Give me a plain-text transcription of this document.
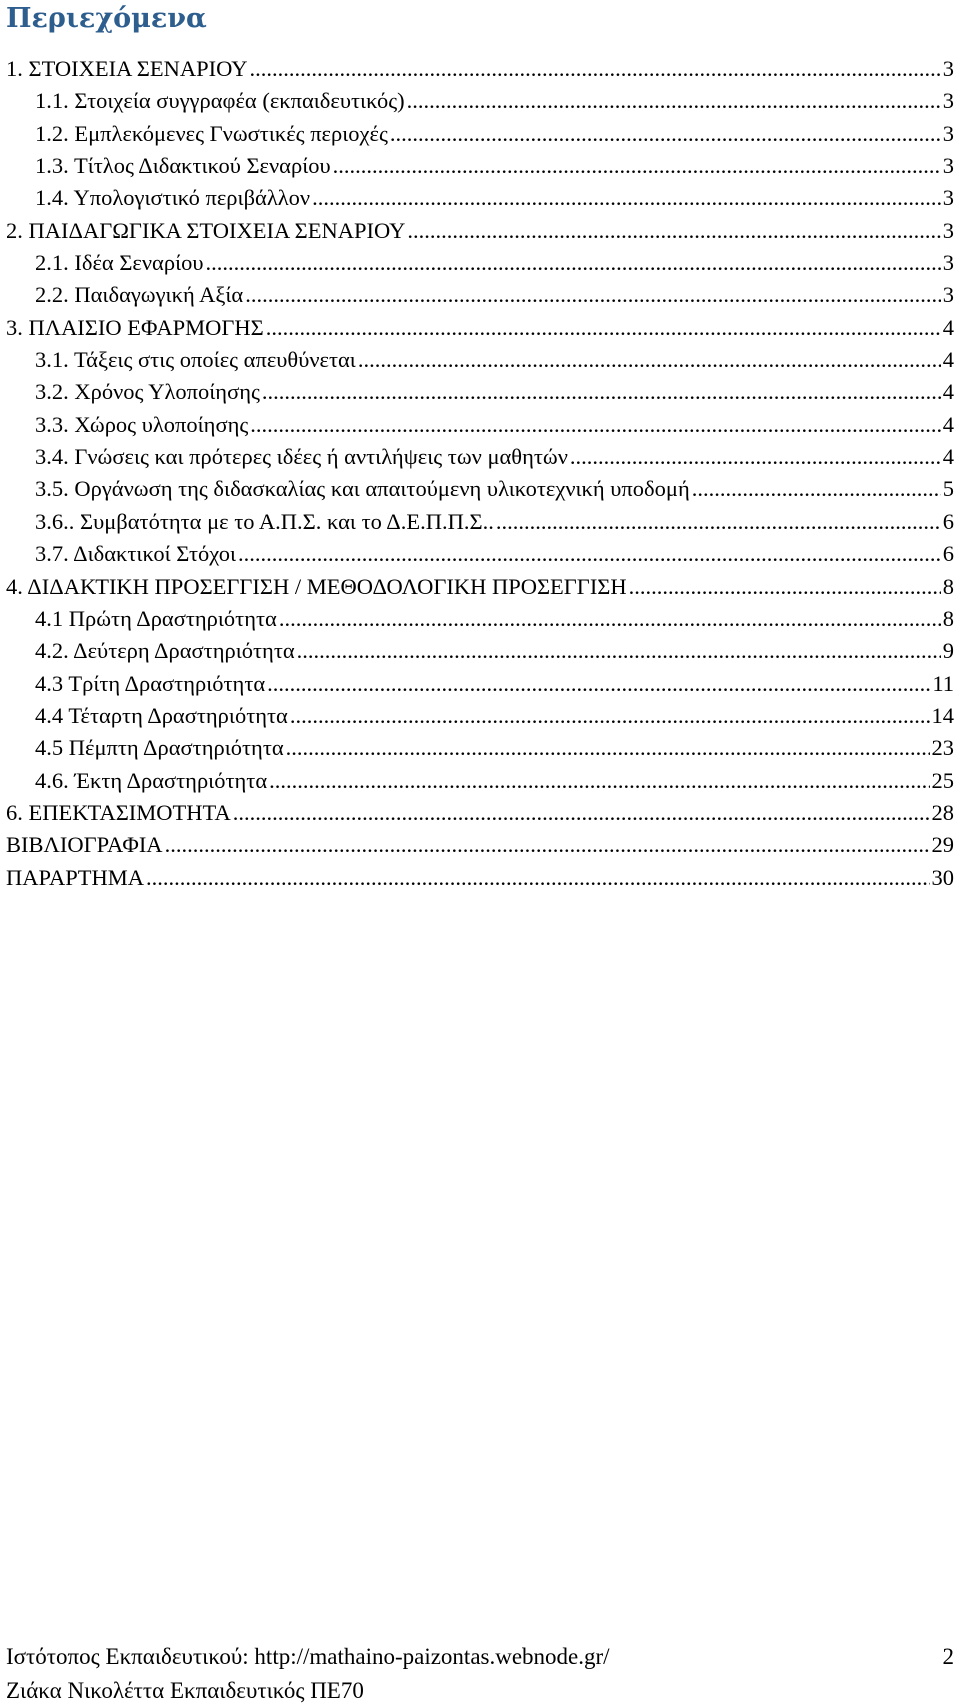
Περιεχόμενα
1. ΣΤΟΙΧΕΙΑ ΣΕΝΑΡΙΟΥ .....	3
1.1. Στοιχεία συγγραφέα (εκπαιδευτικός) .....	3
1.2. Εμπλεκόμενες Γνωστικές περιοχές .....	3
1.3. Τίτλος Διδακτικού Σεναρίου .....	3
1.4. Υπολογιστικό περιβάλλον .....	3
2. ΠΑΙΔΑΓΩΓΙΚΑ ΣΤΟΙΧΕΙΑ ΣΕΝΑΡΙΟΥ .....	3
2.1. Ιδέα Σεναρίου .....	3
2.2. Παιδαγωγική Αξία .....	3
3. ΠΛΑΙΣΙΟ ΕΦΑΡΜΟΓΗΣ .....	4
3.1. Τάξεις στις οποίες απευθύνεται .....	4
3.2. Χρόνος Υλοποίησης .....	4
3.3. Χώρος υλοποίησης .....	4
3.4. Γνώσεις και πρότερες ιδέες ή αντιλήψεις των μαθητών .....	4
3.5. Οργάνωση της διδασκαλίας και απαιτούμενη υλικοτεχνική υποδομή .....	5
3.6.. Συμβατότητα με το Α.Π.Σ. και το Δ.Ε.Π.Π.Σ.. .....	6
3.7. Διδακτικοί Στόχοι .....	6
4. ΔΙΔΑΚΤΙΚΗ ΠΡΟΣΕΓΓΙΣΗ / ΜΕΘΟΔΟΛΟΓΙΚΗ ΠΡΟΣΕΓΓΙΣΗ .....	8
4.1 Πρώτη Δραστηριότητα .....	8
4.2. Δεύτερη Δραστηριότητα .....	9
4.3 Τρίτη Δραστηριότητα .....	11
4.4 Τέταρτη Δραστηριότητα .....	14
4.5 Πέμπτη Δραστηριότητα .....	23
4.6. Έκτη Δραστηριότητα .....	25
6. ΕΠΕΚΤΑΣΙΜΟΤΗΤΑ .....	28
ΒΙΒΛΙΟΓΡΑΦΙΑ .....	29
ΠΑΡΑΡΤΗΜΑ .....	30
Ιστότοπος Εκπαιδευτικού: http://mathaino-paizontas.webnode.gr/	2
Ζιάκα Νικολέττα Εκπαιδευτικός ΠΕ70
